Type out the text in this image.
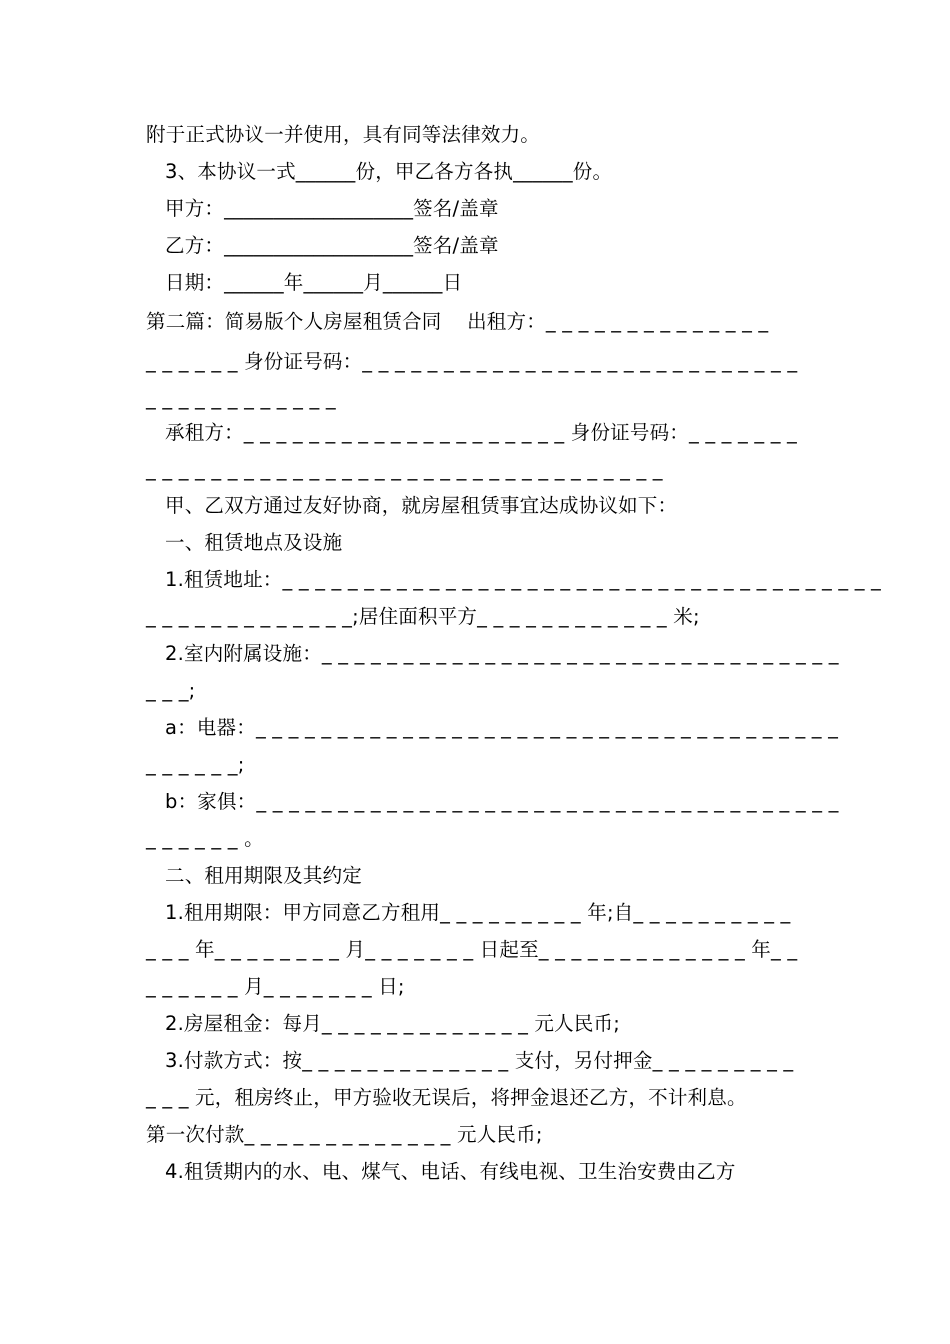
附于正式协议一并使用，具有同等法律效力。
3、本协议一式______份，甲乙各方各执______份。
甲方：___________________签名/盖章
乙方：___________________签名/盖章
日期：______年______月______日
第二篇：简易版个人房屋租赁合同    出租方：_ _ _ _ _ _ _ _ _ _ _ _ _ _
_ _ _ _ _ _ 身份证号码：_ _ _ _ _ _ _ _ _ _ _ _ _ _ _ _ _ _ _ _ _ _ _ _ _ _ _
_ _ _ _ _ _ _ _ _ _ _ _
承租方：_ _ _ _ _ _ _ _ _ _ _ _ _ _ _ _ _ _ _ _ 身份证号码：_ _ _ _ _ _ _
_ _ _ _ _ _ _ _ _ _ _ _ _ _ _ _ _ _ _ _ _ _ _ _ _ _ _ _ _ _ _ _
甲、乙双方通过友好协商，就房屋租赁事宜达成协议如下：
一、租赁地点及设施
1.租赁地址：_ _ _ _ _ _ _ _ _ _ _ _ _ _ _ _ _ _ _ _ _ _ _ _ _ _ _ _ _ _ _ _ _ _ _ _ _
_ _ _ _ _ _ _ _ _ _ _ _ _;居住面积平方_ _ _ _ _ _ _ _ _ _ _ _ 米;
2.室内附属设施：_ _ _ _ _ _ _ _ _ _ _ _ _ _ _ _ _ _ _ _ _ _ _ _ _ _ _ _ _ _ _ _
_ _ _;
a：电器：_ _ _ _ _ _ _ _ _ _ _ _ _ _ _ _ _ _ _ _ _ _ _ _ _ _ _ _ _ _ _ _ _ _ _ _
_ _ _ _ _ _;
b：家俱：_ _ _ _ _ _ _ _ _ _ _ _ _ _ _ _ _ _ _ _ _ _ _ _ _ _ _ _ _ _ _ _ _ _ _ _
_ _ _ _ _ _ 。
二、租用期限及其约定
1.租用期限：甲方同意乙方租用_ _ _ _ _ _ _ _ _ 年;自_ _ _ _ _ _ _ _ _ _
_ _ _ 年_ _ _ _ _ _ _ _ 月_ _ _ _ _ _ _ 日起至_ _ _ _ _ _ _ _ _ _ _ _ _ 年_ _
_ _ _ _ _ _ 月_ _ _ _ _ _ _ 日;
2.房屋租金：每月_ _ _ _ _ _ _ _ _ _ _ _ _ 元人民币;
3.付款方式：按_ _ _ _ _ _ _ _ _ _ _ _ _ 支付，另付押金_ _ _ _ _ _ _ _ _
_ _ _ 元，租房终止，甲方验收无误后，将押金退还乙方，不计利息。
第一次付款_ _ _ _ _ _ _ _ _ _ _ _ _ 元人民币;
4.租赁期内的水、电、煤气、电话、有线电视、卫生治安费由乙方
